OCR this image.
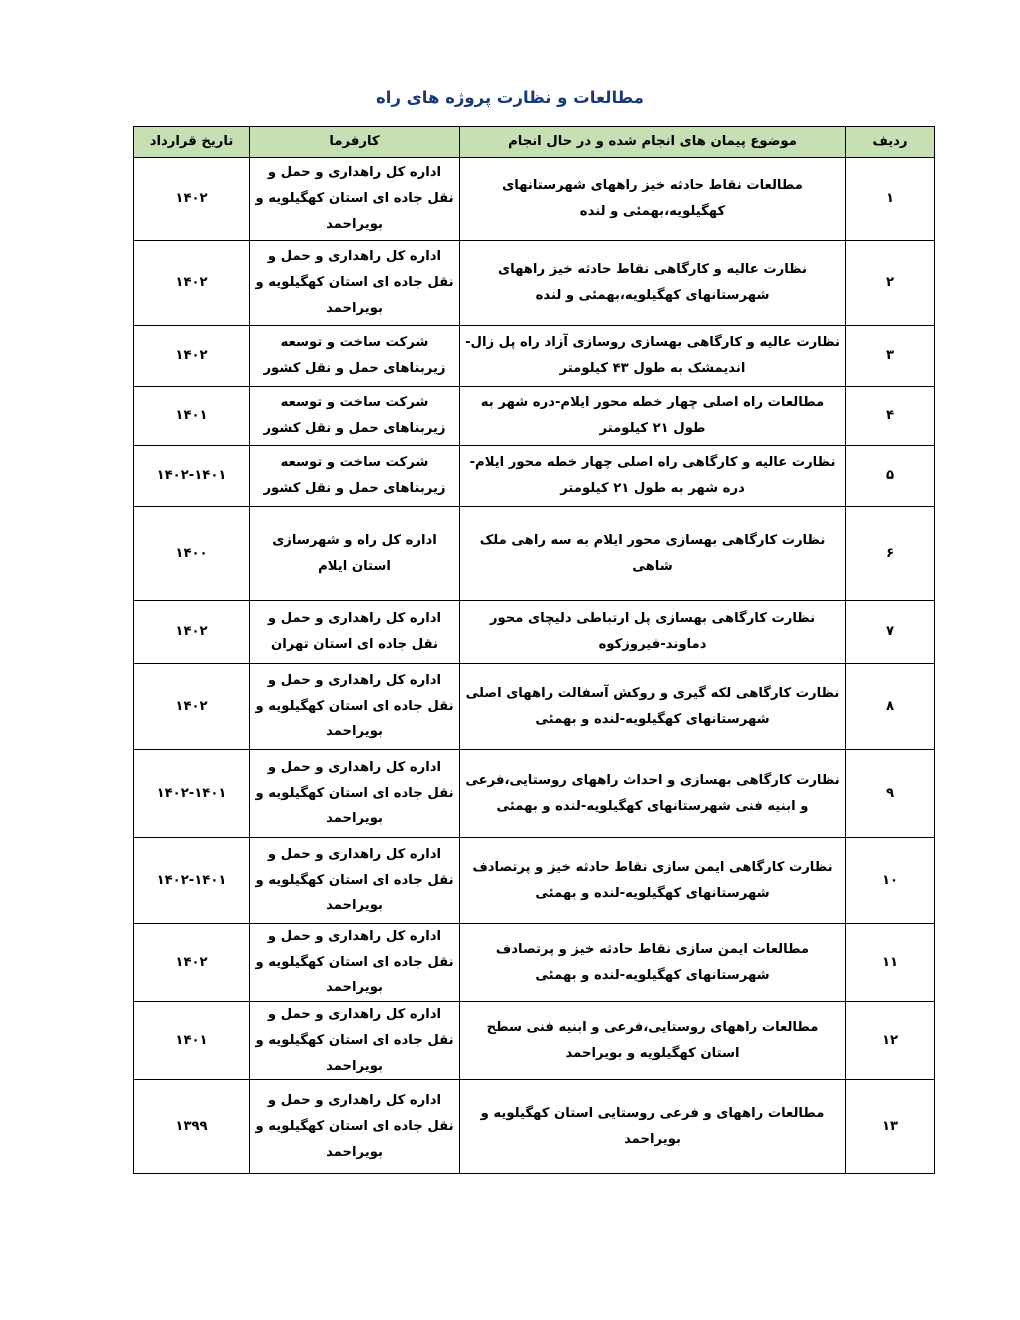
مطالعات و نظارت پروژه های راه
ردیف	موضوع پیمان های انجام شده و در حال انجام	کارفرما	تاریخ قرارداد
۱	مطالعات نقاط حادثه خیز راههای شهرستانهای کهگیلویه،بهمئی و لنده	اداره کل راهداری و حمل و نقل جاده ای استان کهگیلویه و بویراحمد	۱۴۰۲
۲	نظارت عالیه و کارگاهی نقاط حادثه خیز راههای شهرستانهای کهگیلویه،بهمئی و لنده	اداره کل راهداری و حمل و نقل جاده ای استان کهگیلویه و بویراحمد	۱۴۰۲
۳	نظارت عالیه و کارگاهی بهسازی روسازی آزاد راه پل زال-اندیمشک به طول ۴۳ کیلومتر	شرکت ساخت و توسعه زیربناهای حمل و نقل کشور	۱۴۰۲
۴	مطالعات راه اصلی چهار خطه محور ایلام-دره شهر به طول ۲۱ کیلومتر	شرکت ساخت و توسعه زیربناهای حمل و نقل کشور	۱۴۰۱
۵	نظارت عالیه و کارگاهی راه اصلی چهار خطه محور ایلام-دره شهر به طول ۲۱ کیلومتر	شرکت ساخت و توسعه زیربناهای حمل و نقل کشور	۱۴۰۲-۱۴۰۱
۶	نظارت کارگاهی بهسازی محور ایلام به سه راهی ملک شاهی	اداره کل راه و شهرسازی استان ایلام	۱۴۰۰
۷	نظارت کارگاهی بهسازی پل ارتباطی دلیچای محور دماوند-فیروزکوه	اداره کل راهداری و حمل و نقل جاده ای استان تهران	۱۴۰۲
۸	نظارت کارگاهی لکه گیری و روکش آسفالت راههای اصلی شهرستانهای کهگیلویه-لنده و بهمئی	اداره کل راهداری و حمل و نقل جاده ای استان کهگیلویه و بویراحمد	۱۴۰۲
۹	نظارت کارگاهی بهسازی و احداث راههای روستایی،فرعی و ابنیه فنی شهرستانهای کهگیلویه-لنده و بهمئی	اداره کل راهداری و حمل و نقل جاده ای استان کهگیلویه و بویراحمد	۱۴۰۲-۱۴۰۱
۱۰	نظارت کارگاهی ایمن سازی نقاط حادثه خیز و پرتصادف شهرستانهای کهگیلویه-لنده و بهمئی	اداره کل راهداری و حمل و نقل جاده ای استان کهگیلویه و بویراحمد	۱۴۰۲-۱۴۰۱
۱۱	مطالعات ایمن سازی نقاط حادثه خیز و پرتصادف شهرستانهای کهگیلویه-لنده و بهمئی	اداره کل راهداری و حمل و نقل جاده ای استان کهگیلویه و بویراحمد	۱۴۰۲
۱۲	مطالعات راههای روستایی،فرعی و ابنیه فنی سطح استان کهگیلویه و بویراحمد	اداره کل راهداری و حمل و نقل جاده ای استان کهگیلویه و بویراحمد	۱۴۰۱
۱۳	مطالعات راههای و فرعی روستایی استان کهگیلویه و بویراحمد	اداره کل راهداری و حمل و نقل جاده ای استان کهگیلویه و بویراحمد	۱۳۹۹
